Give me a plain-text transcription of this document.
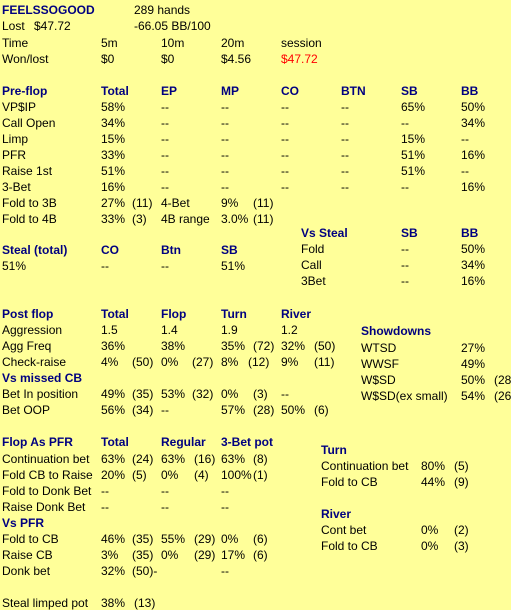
FEELSSOGOOD	289 hands
Lost $47.72	-66.05 BB/100
Time	5m	10m	20m	session
Won/lost	$0	$0	$4.56 $47.72
Pre-flop	Total	EP	MP	CO	BTN	SB	BB
VP$IP	58%	--	--	--	--	65%	50%
Call Open	34%	--	--	--	--	--	34%
Limp	15%	--	--	--	--	15%	--
PFR	33%	--	--	--	--	51%	16%
Raise 1st	51%	--	--	--	--	51%	--
3-Bet	16%	--	--	--	--	--	16%
Fold to 3B	27% (11) 4-Bet	9% (11)
Fold to 4B	33% (3) 4B range 3.0% (11)
Vs Steal	SB	BB
Fold	--	50%
Call	--	34%
3Bet	--	16%
Steal (total)	CO	Btn	SB
51%	--	--	51%
Post flop	Total	Flop	Turn	River
Aggression	1.5	1.4	1.9	1.2
Agg Freq	36%	38%	35% (72) 32% (50)
Check-raise	4% (50) 0% (27) 8% (12) 9% (11)
Vs missed CB
Bet In position 49% (35) 53% (32) 0% (3) --
Bet OOP	56% (34) --	57% (28) 50% (6)
Showdowns
WTSD	27%
WWSF	49%
W$SD	50% (28
W$SD(ex small) 54% (26
Flop As PFR Total	Regular 3-Bet pot
Continuation bet 63% (24) 63% (16) 63% (8)
Fold CB to Raise 20% (5) 0% (4) 100% (1)
Fold to Donk Bet --	--	--
Raise Donk Bet --	--	--
Vs PFR
Fold to CB	46% (35) 55% (29) 0% (6)
Raise CB	3% (35) 0% (29) 17% (6)
Donk bet	32% (50)-	--
Steal limped pot 38% (13)
Turn
Continuation bet 80% (5)
Fold to CB	44% (9)
River
Cont bet	0% (2)
Fold to CB	0% (3)
